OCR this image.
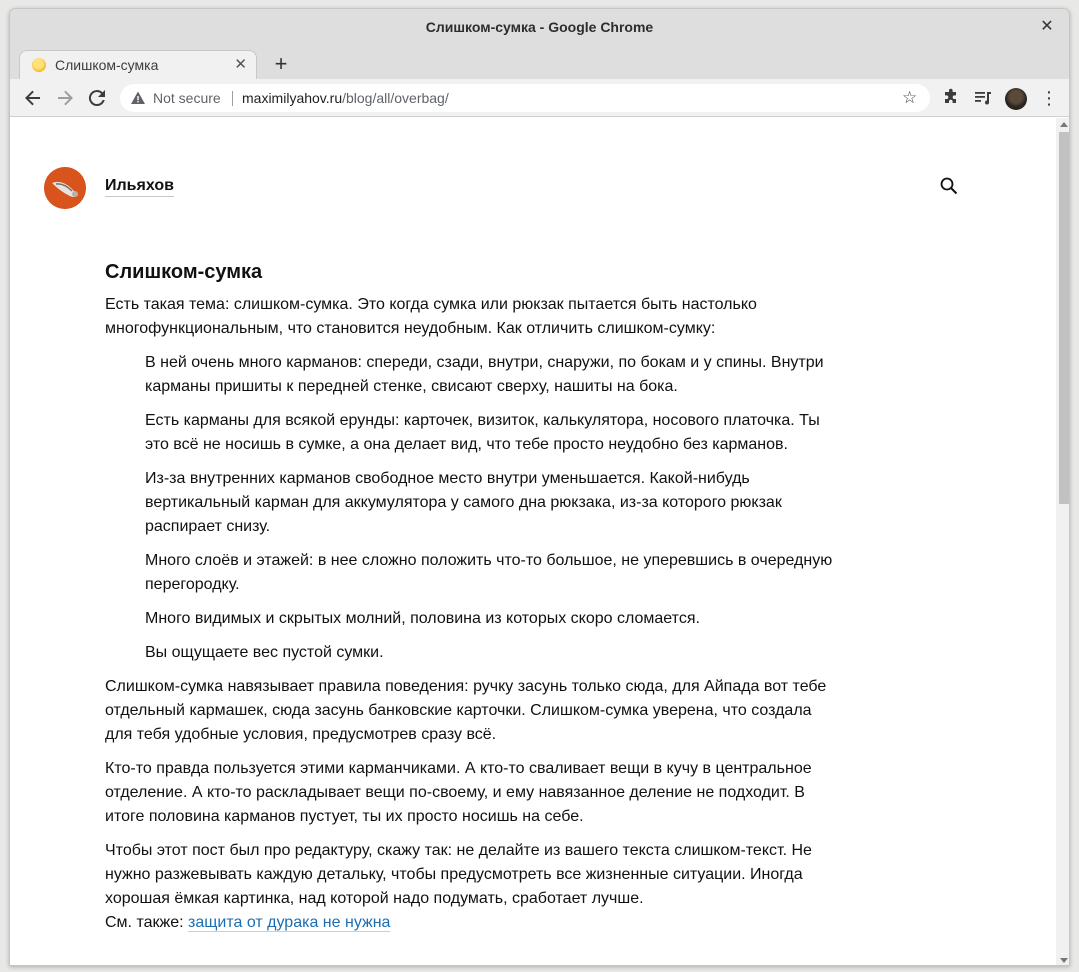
Слишком-сумка - Google Chrome	✕
Слишком-сумка	✕ +
Not secure maximilyahov.ru/blog/all/overbag/	☆	⋮
Ильяхов
Слишком-сумка

Есть такая тема: слишком-сумка. Это когда сумка или рюкзак пытается быть настолько многофункциональным, что становится неудобным. Как отличить слишком-сумку:

В ней очень много карманов: спереди, сзади, внутри, снаружи, по бокам и у спины. Внутри карманы пришиты к передней стенке, свисают сверху, нашиты на бока.
Есть карманы для всякой ерунды: карточек, визиток, калькулятора, носового платочка. Ты это всё не носишь в сумке, а она делает вид, что тебе просто неудобно без карманов.
Из-за внутренних карманов свободное место внутри уменьшается. Какой-нибудь вертикальный карман для аккумулятора у самого дна рюкзака, из-за которого рюкзак распирает снизу.
Много слоёв и этажей: в нее сложно положить что-то большое, не уперевшись в очередную перегородку.
Много видимых и скрытых молний, половина из которых скоро сломается.
Вы ощущаете вес пустой сумки.

Слишком-сумка навязывает правила поведения: ручку засунь только сюда, для Айпада вот тебе отдельный кармашек, сюда засунь банковские карточки. Слишком-сумка уверена, что создала для тебя удобные условия, предусмотрев сразу всё.

Кто-то правда пользуется этими карманчиками. А кто-то сваливает вещи в кучу в центральное отделение. А кто-то раскладывает вещи по-своему, и ему навязанное деление не подходит. В итоге половина карманов пустует, ты их просто носишь на себе.

Чтобы этот пост был про редактуру, скажу так: не делайте из вашего текста слишком-текст. Не нужно разжевывать каждую детальку, чтобы предусмотреть все жизненные ситуации. Иногда хорошая ёмкая картинка, над которой надо подумать, сработает лучше.
См. также: защита от дурака не нужна
